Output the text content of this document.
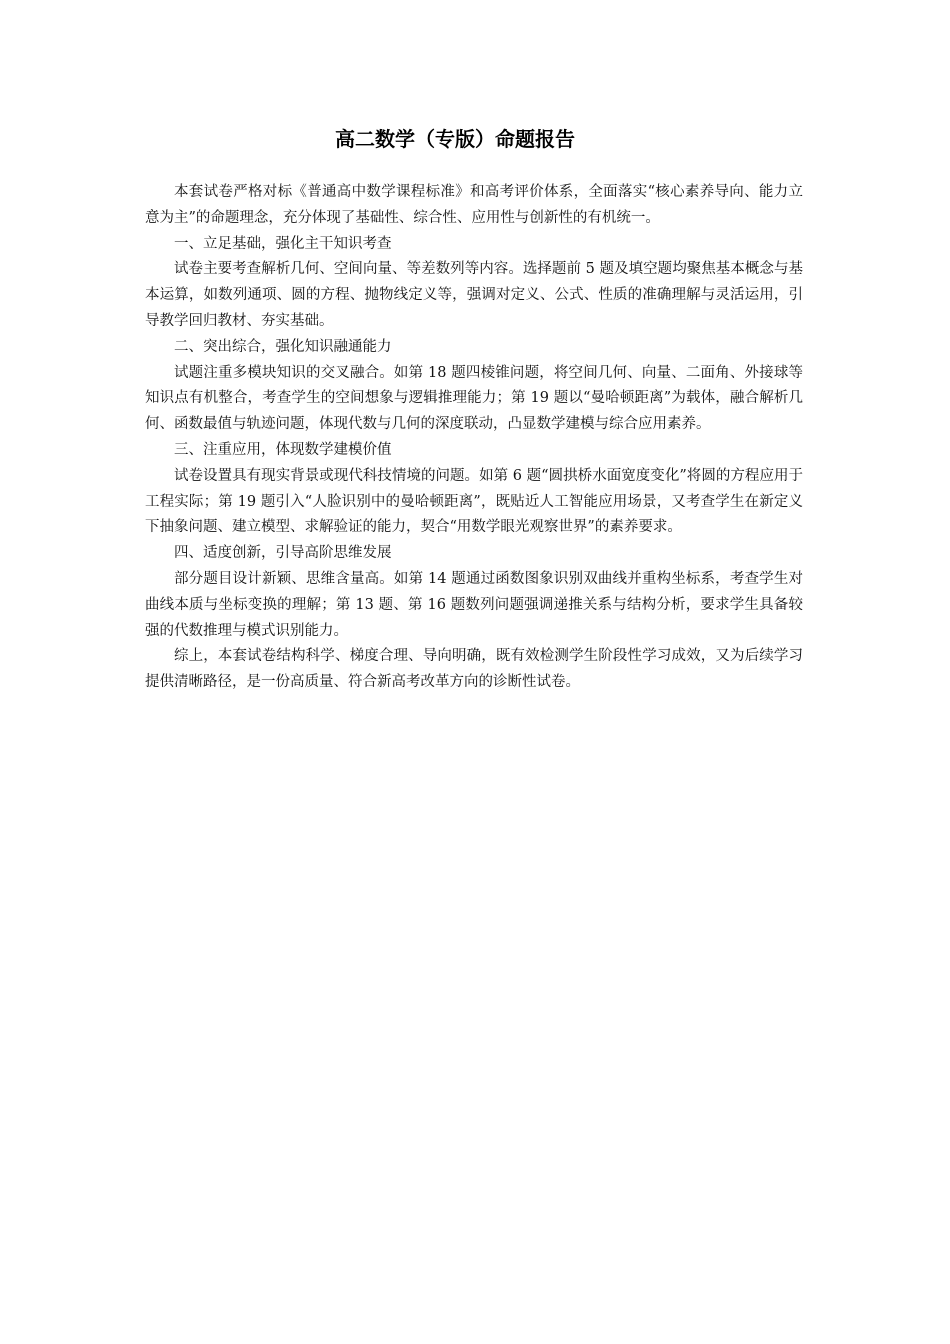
高二数学（专版）命题报告

本套试卷严格对标《普通高中数学课程标准》和高考评价体系，全面落实“核心素养导向、能力立意为主”的命题理念，充分体现了基础性、综合性、应用性与创新性的有机统一。

一、立足基础，强化主干知识考查

试卷主要考查解析几何、空间向量、等差数列等内容。选择题前 5 题及填空题均聚焦基本概念与基本运算，如数列通项、圆的方程、抛物线定义等，强调对定义、公式、性质的准确理解与灵活运用，引导教学回归教材、夯实基础。

二、突出综合，强化知识融通能力

试题注重多模块知识的交叉融合。如第 18 题四棱锥问题，将空间几何、向量、二面角、外接球等知识点有机整合，考查学生的空间想象与逻辑推理能力；第 19 题以“曼哈顿距离”为载体，融合解析几何、函数最值与轨迹问题，体现代数与几何的深度联动，凸显数学建模与综合应用素养。

三、注重应用，体现数学建模价值

试卷设置具有现实背景或现代科技情境的问题。如第 6 题“圆拱桥水面宽度变化”将圆的方程应用于工程实际；第 19 题引入“人脸识别中的曼哈顿距离”，既贴近人工智能应用场景，又考查学生在新定义下抽象问题、建立模型、求解验证的能力，契合“用数学眼光观察世界”的素养要求。

四、适度创新，引导高阶思维发展

部分题目设计新颖、思维含量高。如第 14 题通过函数图象识别双曲线并重构坐标系，考查学生对曲线本质与坐标变换的理解；第 13 题、第 16 题数列问题强调递推关系与结构分析，要求学生具备较强的代数推理与模式识别能力。

综上，本套试卷结构科学、梯度合理、导向明确，既有效检测学生阶段性学习成效，又为后续学习提供清晰路径，是一份高质量、符合新高考改革方向的诊断性试卷。
